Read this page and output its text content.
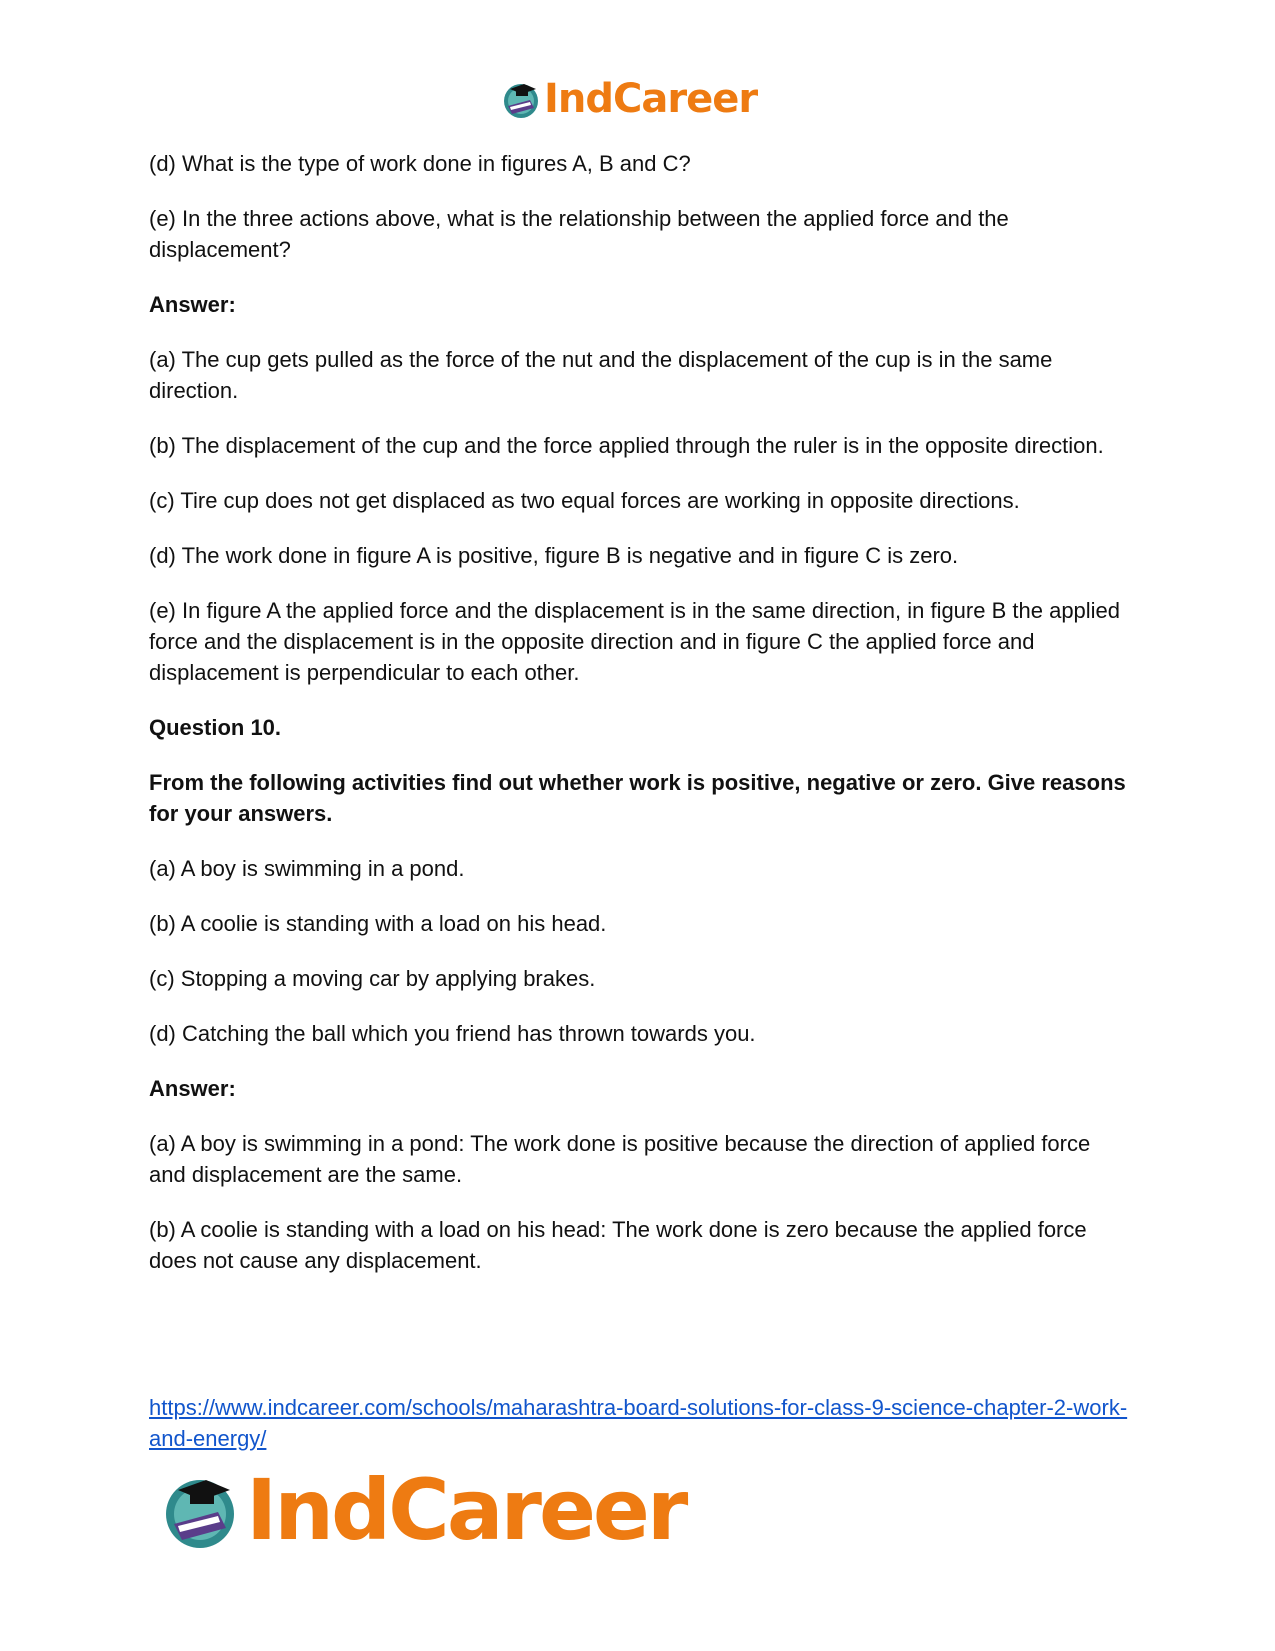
IndCareer

(d) What is the type of work done in figures A, B and C?

(e) In the three actions above, what is the relationship between the applied force and the displacement?

Answer:

(a) The cup gets pulled as the force of the nut and the displacement of the cup is in the same direction.

(b) The displacement of the cup and the force applied through the ruler is in the opposite direction.

(c) Tire cup does not get displaced as two equal forces are working in opposite directions.

(d) The work done in figure A is positive, figure B is negative and in figure C is zero.

(e) In figure A the applied force and the displacement is in the same direction, in figure B the applied force and the displacement is in the opposite direction and in figure C the applied force and displacement is perpendicular to each other.

Question 10.

From the following activities find out whether work is positive, negative or zero. Give reasons for your answers.

(a) A boy is swimming in a pond.

(b) A coolie is standing with a load on his head.

(c) Stopping a moving car by applying brakes.

(d) Catching the ball which you friend has thrown towards you.

Answer:

(a) A boy is swimming in a pond: The work done is positive because the direction of applied force and displacement are the same.

(b) A coolie is standing with a load on his head: The work done is zero because the applied force does not cause any displacement.

https://www.indcareer.com/schools/maharashtra-board-solutions-for-class-9-science-chapter-2-work-and-energy/
IndCareer
